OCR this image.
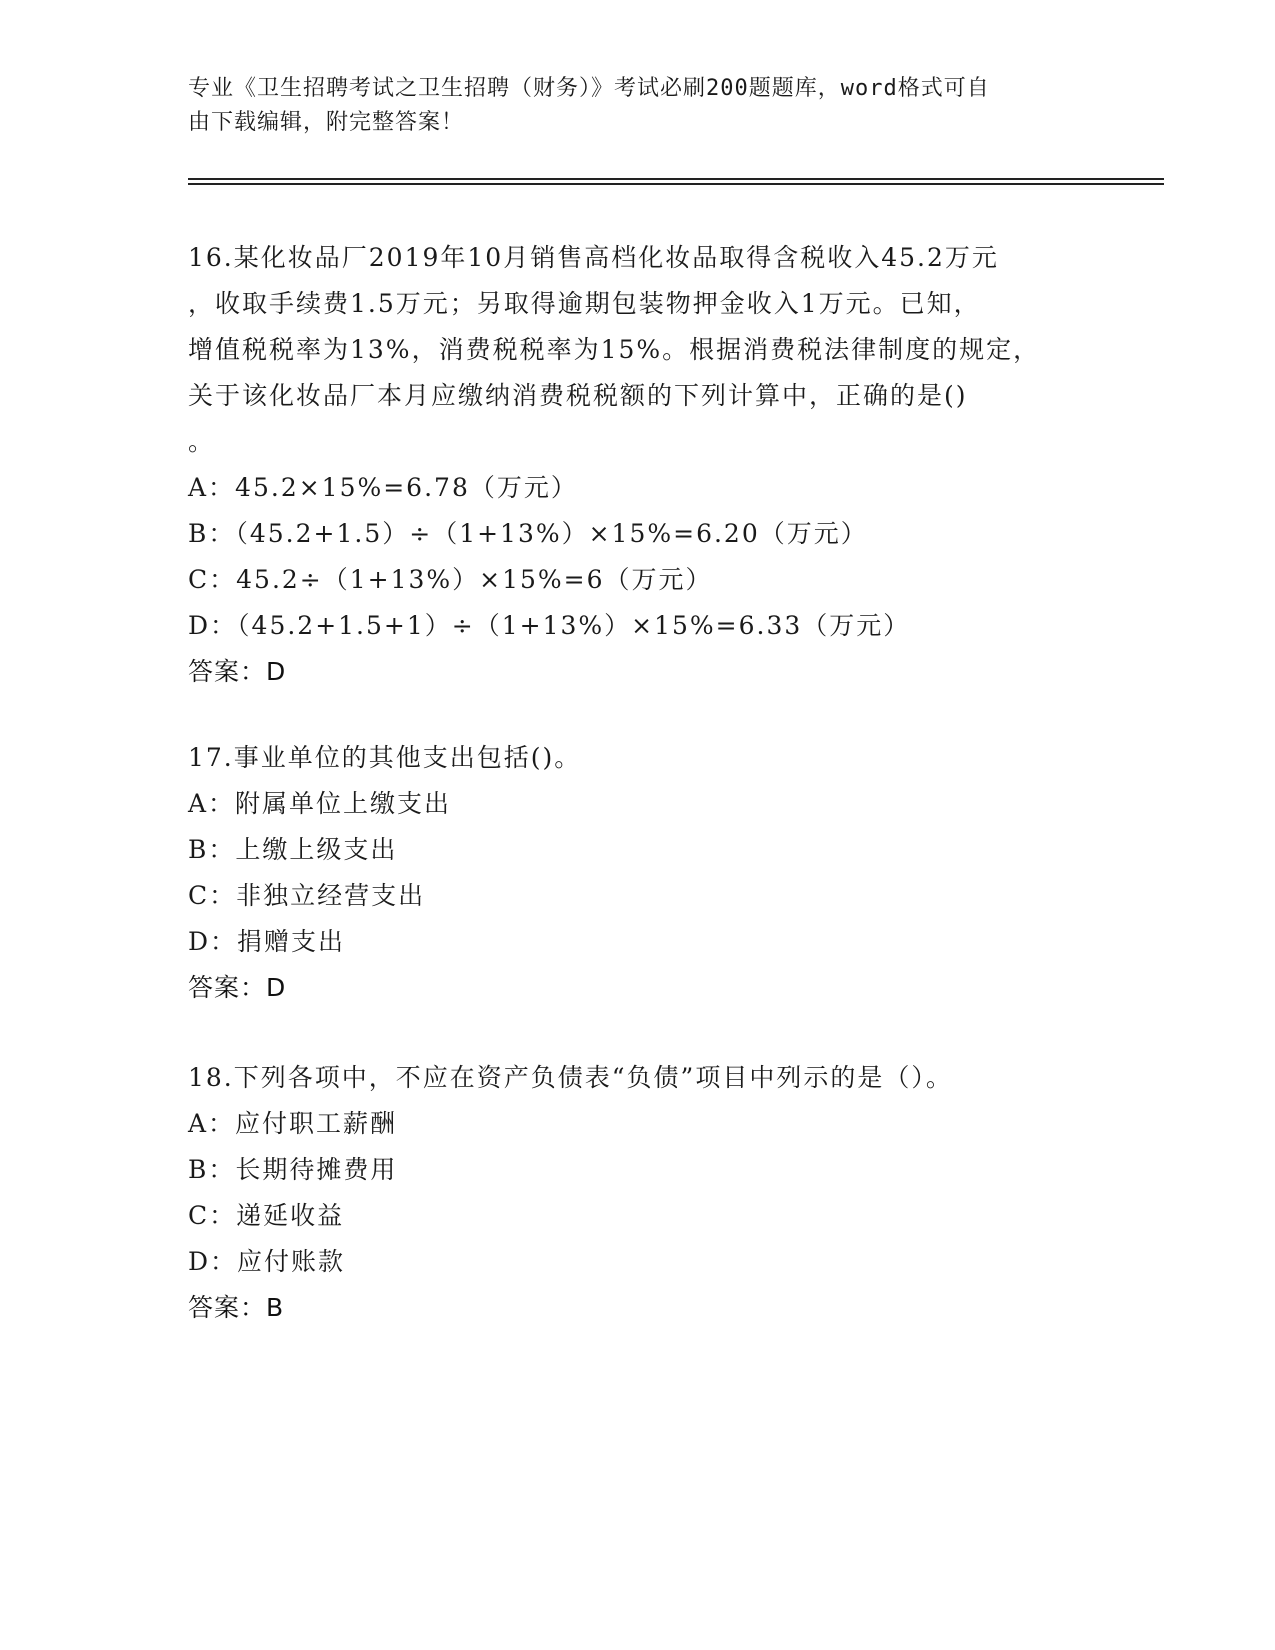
专业《卫生招聘考试之卫生招聘（财务）》考试必刷200题题库，word格式可自
由下载编辑，附完整答案！

16.某化妆品厂2019年10月销售高档化妆品取得含税收入45.2万元

，收取手续费1.5万元；另取得逾期包装物押金收入1万元。已知，

增值税税率为13%，消费税税率为15%。根据消费税法律制度的规定，

关于该化妆品厂本月应缴纳消费税税额的下列计算中，正确的是()

。

A：45.2×15%=6.78（万元）

B：（45.2+1.5）÷（1+13%）×15%=6.20（万元）

C：45.2÷（1+13%）×15%=6（万元）

D：（45.2+1.5+1）÷（1+13%）×15%=6.33（万元）

答案：D

17.事业单位的其他支出包括()。

A：附属单位上缴支出

B：上缴上级支出

C：非独立经营支出

D：捐赠支出

答案：D

18.下列各项中，不应在资产负债表“负债”项目中列示的是（）。

A：应付职工薪酬

B：长期待摊费用

C：递延收益

D：应付账款

答案：B
